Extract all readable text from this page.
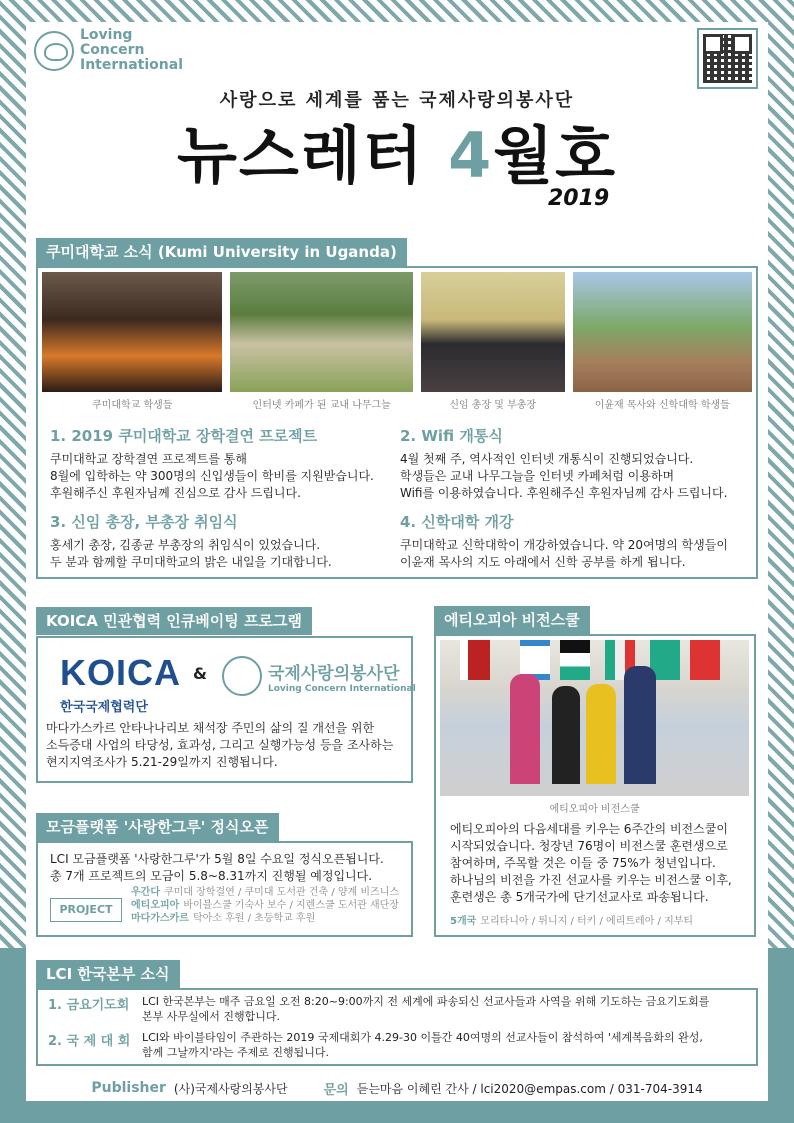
Loving
Concern
International
사랑으로 세계를 품는 국제사랑의봉사단
뉴스레터 4월호
2019
쿠미대학교 소식 (Kumi University in Uganda)
쿠미대학교 학생들	인터넷 카페가 된 교내 나무그늘	신임 총장 및 부총장	이윤재 목사와 신학대학 학생들
1. 2019 쿠미대학교 장학결연 프로젝트

쿠미대학교 장학결연 프로젝트를 통해

8월에 입학하는 약 300명의 신입생들이 학비를 지원받습니다.

후원해주신 후원자님께 진심으로 감사 드립니다.

2. Wifi 개통식

4월 첫째 주, 역사적인 인터넷 개통식이 진행되었습니다.

학생들은 교내 나무그늘을 인터넷 카페처럼 이용하며

Wifi를 이용하였습니다. 후원해주신 후원자님께 감사 드립니다.

3. 신임 총장, 부총장 취임식

홍세기 총장, 김종균 부총장의 취임식이 있었습니다.

두 분과 함께할 쿠미대학교의 밝은 내일을 기대합니다.

4. 신학대학 개강

쿠미대학교 신학대학이 개강하였습니다. 약 20여명의 학생들이

이윤재 목사의 지도 아래에서 신학 공부를 하게 됩니다.

KOICA 민관협력 인큐베이팅 프로그램
KOICA
한국국제협력단
&	국제사랑의봉사단
Loving Concern International
마다가스카르 안타나나리보 채석장 주민의 삶의 질 개선을 위한
소득증대 사업의 타당성, 효과성, 그리고 실행가능성 등을 조사하는
현지지역조사가 5.21-29일까지 진행됩니다.
모금플랫폼 '사랑한그루' 정식오픈
LCI 모금플랫폼 '사랑한그루'가 5월 8일 수요일 정식오픈됩니다.
총 7개 프로젝트의 모금이 5.8~8.31까지 진행될 예정입니다.
PROJECT
우간다 쿠미대 장학결연 / 쿠미대 도서관 건축 / 양계 비즈니스
에티오피아 바이블스쿨 기숙사 보수 / 지렌스쿨 도서관 새단장
마다가스카르 탁아소 후원 / 초등학교 후원
에티오피아 비전스쿨
에티오피아 비전스쿨
에티오피아의 다음세대를 키우는 6주간의 비전스쿨이
시작되었습니다. 청장년 76명이 비전스쿨 훈련생으로
참여하며, 주목할 것은 이들 중 75%가 청년입니다.
하나님의 비전을 가진 선교사를 키우는 비전스쿨 이후,
훈련생은 총 5개국가에 단기선교사로 파송됩니다.
5개국 모리타니아 / 튀니지 / 터키 / 에리트레아 / 지부티
LCI 한국본부 소식
1. 금요기도회 LCI 한국본부는 매주 금요일 오전 8:20~9:00까지 전 세계에 파송되신 선교사들과 사역을 위해 기도하는 금요기도회를
본부 사무실에서 진행합니다.
2. 국 제 대 회 LCI와 바이블타임이 주관하는 2019 국제대회가 4.29-30 이틀간 40여명의 선교사들이 참석하여 '세계복음화의 완성,
함께 그날까지'라는 주제로 진행됩니다.
Publisher (사)국제사랑의봉사단	문의 듣는마음 이혜린 간사 / lci2020@empas.com / 031-704-3914
